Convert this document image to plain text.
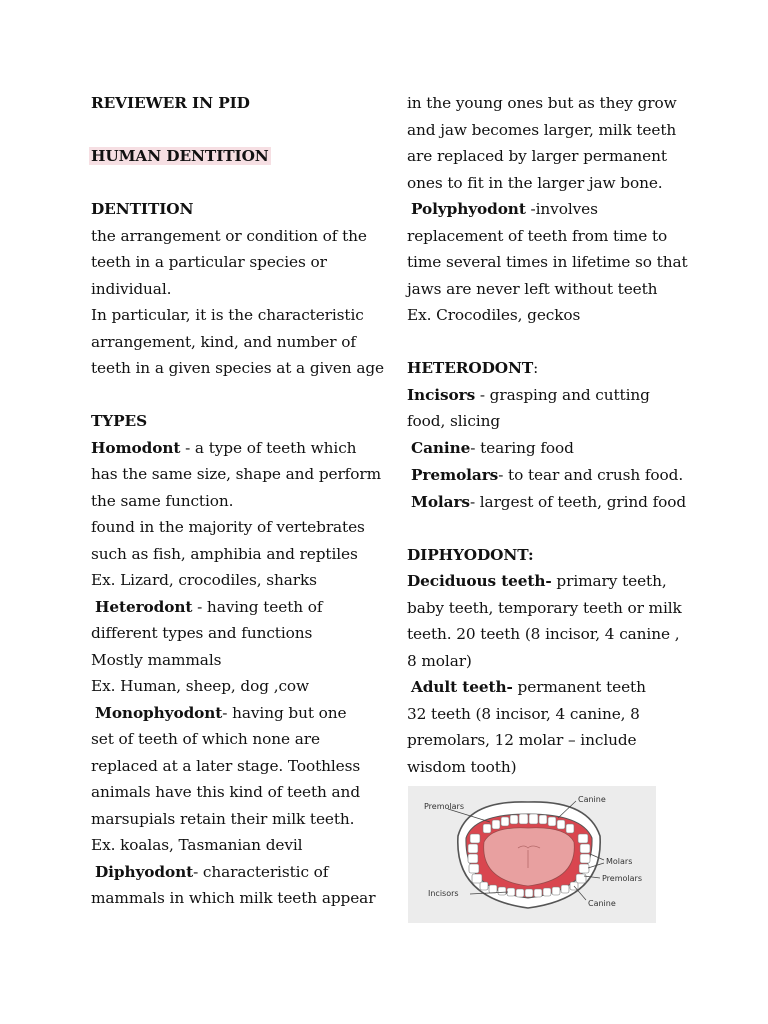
REVIEWER IN PID
HUMAN DENTITION
DENTITION
the arrangement or condition of the
teeth in a particular species or
individual.
In particular, it is the characteristic
arrangement, kind, and number of
teeth in a given species at a given age
TYPES
Homodont - a type of teeth which
has the same size, shape and perform
the same function.
found in the majority of vertebrates
such as fish, amphibia and reptiles
Ex. Lizard, crocodiles, sharks
Heterodont - having teeth of
different types and functions
Mostly mammals
Ex. Human, sheep, dog ,cow
Monophyodont- having but one
set of teeth of which none are
replaced at a later stage. Toothless
animals have this kind of teeth and
marsupials retain their milk teeth.
Ex. koalas, Tasmanian devil
Diphyodont- characteristic of
mammals in which milk teeth appear
in the young ones but as they grow
and jaw becomes larger, milk teeth
are replaced by larger permanent
ones to fit in the larger jaw bone.
Polyphyodont -involves
replacement of teeth from time to
time several times in lifetime so that
jaws are never left without teeth
Ex. Crocodiles, geckos
HETERODONT:
Incisors - grasping and cutting
food, slicing
Canine- tearing food
Premolars- to tear and crush food.
Molars- largest of teeth, grind food
DIPHYODONT:
Deciduous teeth- primary teeth,
baby teeth, temporary teeth or milk
teeth. 20 teeth (8 incisor, 4 canine ,
8 molar)
Adult teeth- permanent teeth
32 teeth (8 incisor, 4 canine, 8
premolars, 12 molar – include
wisdom tooth)
Premolars
Canine
Molars
Premolars
Incisors
Canine
